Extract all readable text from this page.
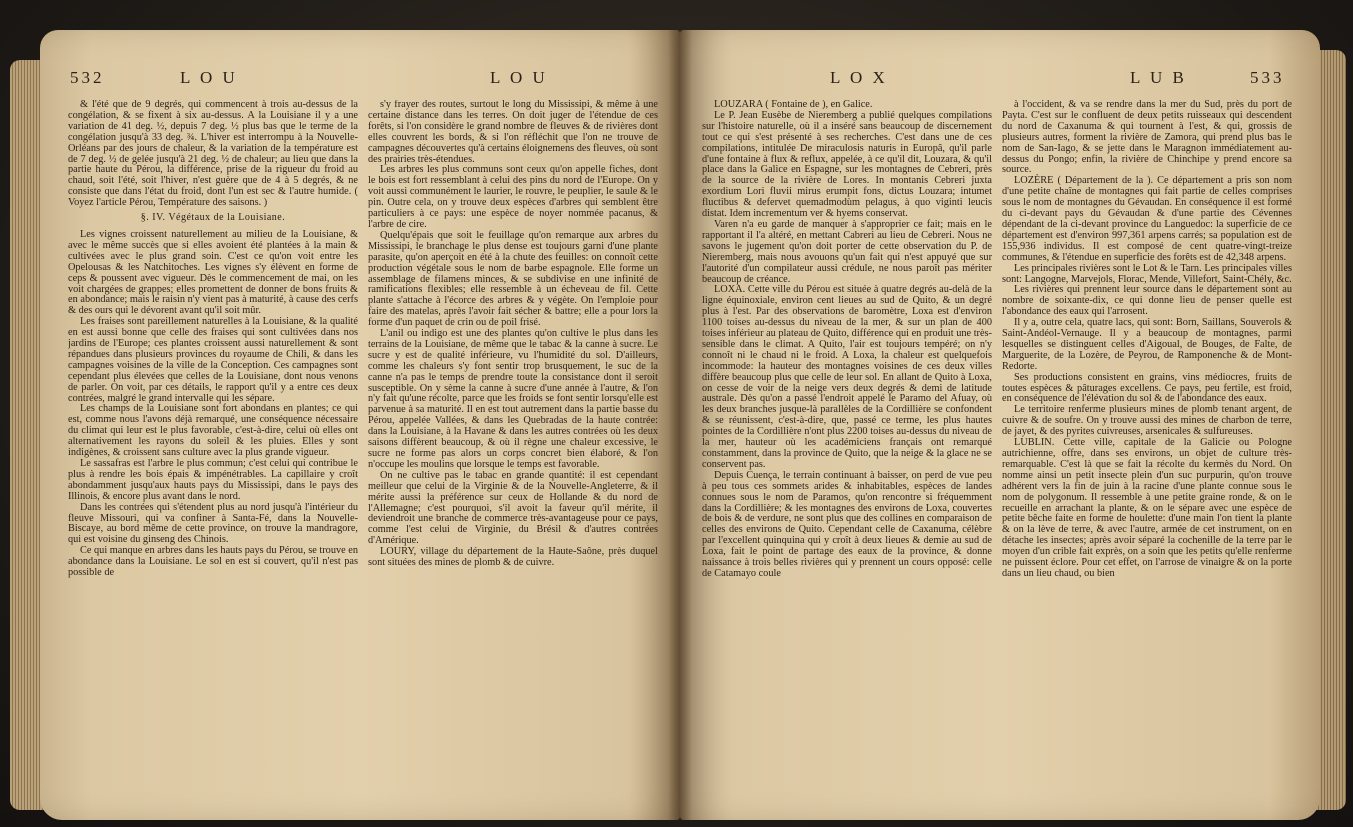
532	L O U	L O U

& l'été que de 9 degrés, qui commencent à trois au-dessus de la congélation, & se fixent à six au-dessus. A la Louisiane il y a une variation de 41 deg. ½, depuis 7 deg. ½ plus bas que le terme de la congélation jusqu'à 33 deg. ¾. L'hiver est interrompu à la Nouvelle-Orléans par des jours de chaleur, & la variation de la température est de 7 deg. ½ de gelée jusqu'à 21 deg. ½ de chaleur; au lieu que dans la partie haute du Pérou, la différence, prise de la rigueur du froid au chaud, soit l'été, soit l'hiver, n'est guère que de 4 à 5 degrés, & ne consiste que dans l'état du froid, dont l'un est sec & l'autre humide. ( Voyez l'article Pérou, Température des saisons. )

§. IV. Végétaux de la Louisiane.

Les vignes croissent naturellement au milieu de la Louisiane, & avec le même succès que si elles avoient été plantées à la main & cultivées avec le plus grand soin. C'est ce qu'on voit entre les Opelousas & les Natchitoches. Les vignes s'y élèvent en forme de ceps & poussent avec vigueur. Dès le commencement de mai, on les voit chargées de grappes; elles promettent de donner de bons fruits & en abondance; mais le raisin n'y vient pas à maturité, à cause des cerfs & des ours qui le dévorent avant qu'il soit mûr.

Les fraises sont pareillement naturelles à la Louisiane, & la qualité en est aussi bonne que celle des fraises qui sont cultivées dans nos jardins de l'Europe; ces plantes croissent aussi naturellement & sont répandues dans plusieurs provinces du royaume de Chili, & dans les campagnes voisines de la ville de la Conception. Ces campagnes sont cependant plus élevées que celles de la Louisiane, dont nous venons de parler. On voit, par ces détails, le rapport qu'il y a entre ces deux contrées, malgré le grand intervalle qui les sépare.

Les champs de la Louisiane sont fort abondans en plantes; ce qui est, comme nous l'avons déjà remarqué, une conséquence nécessaire du climat qui leur est le plus favorable, c'est-à-dire, celui où elles ont alternativement les rayons du soleil & les pluies. Elles y sont indigènes, & croissent sans culture avec la plus grande vigueur.

Le sassafras est l'arbre le plus commun; c'est celui qui contribue le plus à rendre les bois épais & impénétrables. La capillaire y croît abondamment jusqu'aux hauts pays du Mississipi, dans le pays des Illinois, & encore plus avant dans le nord.

Dans les contrées qui s'étendent plus au nord jusqu'à l'intérieur du fleuve Missouri, qui va confiner à Santa-Fé, dans la Nouvelle-Biscaye, au bord même de cette province, on trouve la mandragore, qui est voisine du ginseng des Chinois.

Ce qui manque en arbres dans les hauts pays du Pérou, se trouve en abondance dans la Louisiane. Le sol en est si couvert, qu'il n'est pas possible de

s'y frayer des routes, surtout le long du Mississipi, & même à une certaine distance dans les terres. On doit juger de l'étendue de ces forêts, si l'on considère le grand nombre de fleuves & de rivières dont elles couvrent les bords, & si l'on réfléchit que l'on ne trouve de campagnes découvertes qu'à certains éloignemens des fleuves, où sont des prairies très-étendues.

Les arbres les plus communs sont ceux qu'on appelle fiches, dont le bois est fort ressemblant à celui des pins du nord de l'Europe. On y voit aussi communément le laurier, le rouvre, le peuplier, le saule & le pin. Outre cela, on y trouve deux espèces d'arbres qui semblent être particuliers à ce pays: une espèce de noyer nommée pacanus, & l'arbre de cire.

Quelqu'épais que soit le feuillage qu'on remarque aux arbres du Mississipi, le branchage le plus dense est toujours garni d'une plante parasite, qu'on aperçoit en été à la chute des feuilles: on connoît cette production végétale sous le nom de barbe espagnole. Elle forme un assemblage de filamens minces, & se subdivise en une infinité de ramifications flexibles; elle ressemble à un écheveau de fil. Cette plante s'attache à l'écorce des arbres & y végète. On l'emploie pour faire des matelas, après l'avoir fait sécher & battre; elle a pour lors la forme d'un paquet de crin ou de poil frisé.

L'anil ou indigo est une des plantes qu'on cultive le plus dans les terrains de la Louisiane, de même que le tabac & la canne à sucre. Le sucre y est de qualité inférieure, vu l'humidité du sol. D'ailleurs, comme les chaleurs s'y font sentir trop brusquement, le suc de la canne n'a pas le temps de prendre toute la consistance dont il seroit susceptible. On y sème la canne à sucre d'une année à l'autre, & l'on n'y fait qu'une récolte, parce que les froids se font sentir lorsqu'elle est parvenue à sa maturité. Il en est tout autrement dans la partie basse du Pérou, appelée Vallées, & dans les Quebradas de la haute contrée: dans la Louisiane, à la Havane & dans les autres contrées où les deux saisons diffèrent beaucoup, & où il règne une chaleur excessive, le sucre ne forme pas alors un corps concret bien élaboré, & l'on n'occupe les moulins que lorsque le temps est favorable.

On ne cultive pas le tabac en grande quantité: il est cependant meilleur que celui de la Virginie & de la Nouvelle-Angleterre, & il mérite aussi la préférence sur ceux de Hollande & du nord de l'Allemagne; c'est pourquoi, s'il avoit la faveur qu'il mérite, il deviendroit une branche de commerce très-avantageuse pour ce pays, comme l'est celui de Virginie, du Brésil & d'autres contrées d'Amérique.

LOURY, village du département de la Haute-Saône, près duquel sont situées des mines de plomb & de cuivre.

L O X	L U B	533

LOUZARA ( Fontaine de ), en Galice.

Le P. Jean Eusèbe de Nieremberg a publié quelques compilations sur l'histoire naturelle, où il a inséré sans beaucoup de discernement tout ce qui s'est présenté à ses recherches. C'est dans une de ces compilations, intitulée De miraculosis naturis in Europâ, qu'il parle d'une fontaine à flux & reflux, appelée, à ce qu'il dit, Louzara, & qu'il place dans la Galice en Espagne, sur les montagnes de Cebreri, près de la source de la rivière de Lores. In montanis Cebreri juxta exordium Lori fluvii mirus erumpit fons, dictus Louzara; intumet fluctibus & defervet quemadmodùm pelagus, à quo viginti leucis distat. Idem incrementum ver & hyems conservat.

Varen n'a eu garde de manquer à s'approprier ce fait; mais en le rapportant il l'a altéré, en mettant Cabreri au lieu de Cebreri. Nous ne savons le jugement qu'on doit porter de cette observation du P. de Nieremberg, mais nous avouons qu'un fait qui n'est appuyé que sur l'autorité d'un compilateur aussi crédule, ne nous paroît pas mériter beaucoup de créance.

LOXA. Cette ville du Pérou est située à quatre degrés au-delà de la ligne équinoxiale, environ cent lieues au sud de Quito, & un degré plus à l'est. Par des observations de baromètre, Loxa est d'environ 1100 toises au-dessus du niveau de la mer, & sur un plan de 400 toises inférieur au plateau de Quito, différence qui en produit une très-sensible dans le climat. A Quito, l'air est toujours tempéré; on n'y connoît ni le chaud ni le froid. A Loxa, la chaleur est quelquefois incommode: la hauteur des montagnes voisines de ces deux villes diffère beaucoup plus que celle de leur sol. En allant de Quito à Loxa, on cesse de voir de la neige vers deux degrés & demi de latitude australe. Dès qu'on a passé l'endroit appelé le Paramo del Afuay, où les deux branches jusque-là parallèles de la Cordillière se confondent & se réunissent, c'est-à-dire, que, passé ce terme, les plus hautes pointes de la Cordillière n'ont plus 2200 toises au-dessus du niveau de la mer, hauteur où les académiciens français ont remarqué constamment, dans la province de Quito, que la neige & la glace ne se conservent pas.

Depuis Cuença, le terrain continuant à baisser, on perd de vue peu à peu tous ces sommets arides & inhabitables, espèces de landes connues sous le nom de Paramos, qu'on rencontre si fréquemment dans la Cordillière; & les montagnes des environs de Loxa, couvertes de bois & de verdure, ne sont plus que des collines en comparaison de celles des environs de Quito. Cependant celle de Caxanuma, célèbre par l'excellent quinquina qui y croît à deux lieues & demie au sud de Loxa, fait le point de partage des eaux de la province, & donne naissance à trois belles rivières qui y prennent un cours opposé: celle de Catamayo coule

à l'occident, & va se rendre dans la mer du Sud, près du port de Payta. C'est sur le confluent de deux petits ruisseaux qui descendent du nord de Caxanuma & qui tournent à l'est, & qui, grossis de plusieurs autres, forment la rivière de Zamora, qui prend plus bas le nom de San-Iago, & se jette dans le Maragnon immédiatement au-dessus du Pongo; enfin, la rivière de Chinchipe y prend encore sa source.

LOZÈRE ( Département de la ). Ce département a pris son nom d'une petite chaîne de montagnes qui fait partie de celles comprises sous le nom de montagnes du Gévaudan. En conséquence il est formé du ci-devant pays du Gévaudan & d'une partie des Cévennes dépendant de la ci-devant province du Languedoc: la superficie de ce département est d'environ 997,361 arpens carrés; sa population est de 155,936 individus. Il est composé de cent quatre-vingt-treize communes, & l'étendue en superficie des forêts est de 42,348 arpens.

Les principales rivières sont le Lot & le Tarn. Les principales villes sont: Langogne, Marvejols, Florac, Mende, Villefort, Saint-Chély, &c.

Les rivières qui prennent leur source dans le département sont au nombre de soixante-dix, ce qui donne lieu de penser quelle est l'abondance des eaux qui l'arrosent.

Il y a, outre cela, quatre lacs, qui sont: Born, Saillans, Souverols & Saint-Andéol-Vernauge. Il y a beaucoup de montagnes, parmi lesquelles se distinguent celles d'Aigoual, de Bouges, de Falte, de Marguerite, de la Lozère, de Peyrou, de Ramponenche & de Mont-Redorte.

Ses productions consistent en grains, vins médiocres, fruits de toutes espèces & pâturages excellens. Ce pays, peu fertile, est froid, en conséquence de l'élévation du sol & de l'abondance des eaux.

Le territoire renferme plusieurs mines de plomb tenant argent, de cuivre & de soufre. On y trouve aussi des mines de charbon de terre, de jayet, & des pyrites cuivreuses, arsenicales & sulfureuses.

LUBLIN. Cette ville, capitale de la Galicie ou Pologne autrichienne, offre, dans ses environs, un objet de culture très-remarquable. C'est là que se fait la récolte du kermès du Nord. On nomme ainsi un petit insecte plein d'un suc purpurin, qu'on trouve adhérent vers la fin de juin à la racine d'une plante connue sous le nom de polygonum. Il ressemble à une petite graine ronde, & on le recueille en arrachant la plante, & on le sépare avec une espèce de petite bêche faite en forme de houlette: d'une main l'on tient la plante & on la lève de terre, & avec l'autre, armée de cet instrument, on en détache les insectes; après avoir séparé la cochenille de la terre par le moyen d'un crible fait exprès, on a soin que les petits qu'elle renferme ne puissent éclore. Pour cet effet, on l'arrose de vinaigre & on la porte dans un lieu chaud, ou bien
